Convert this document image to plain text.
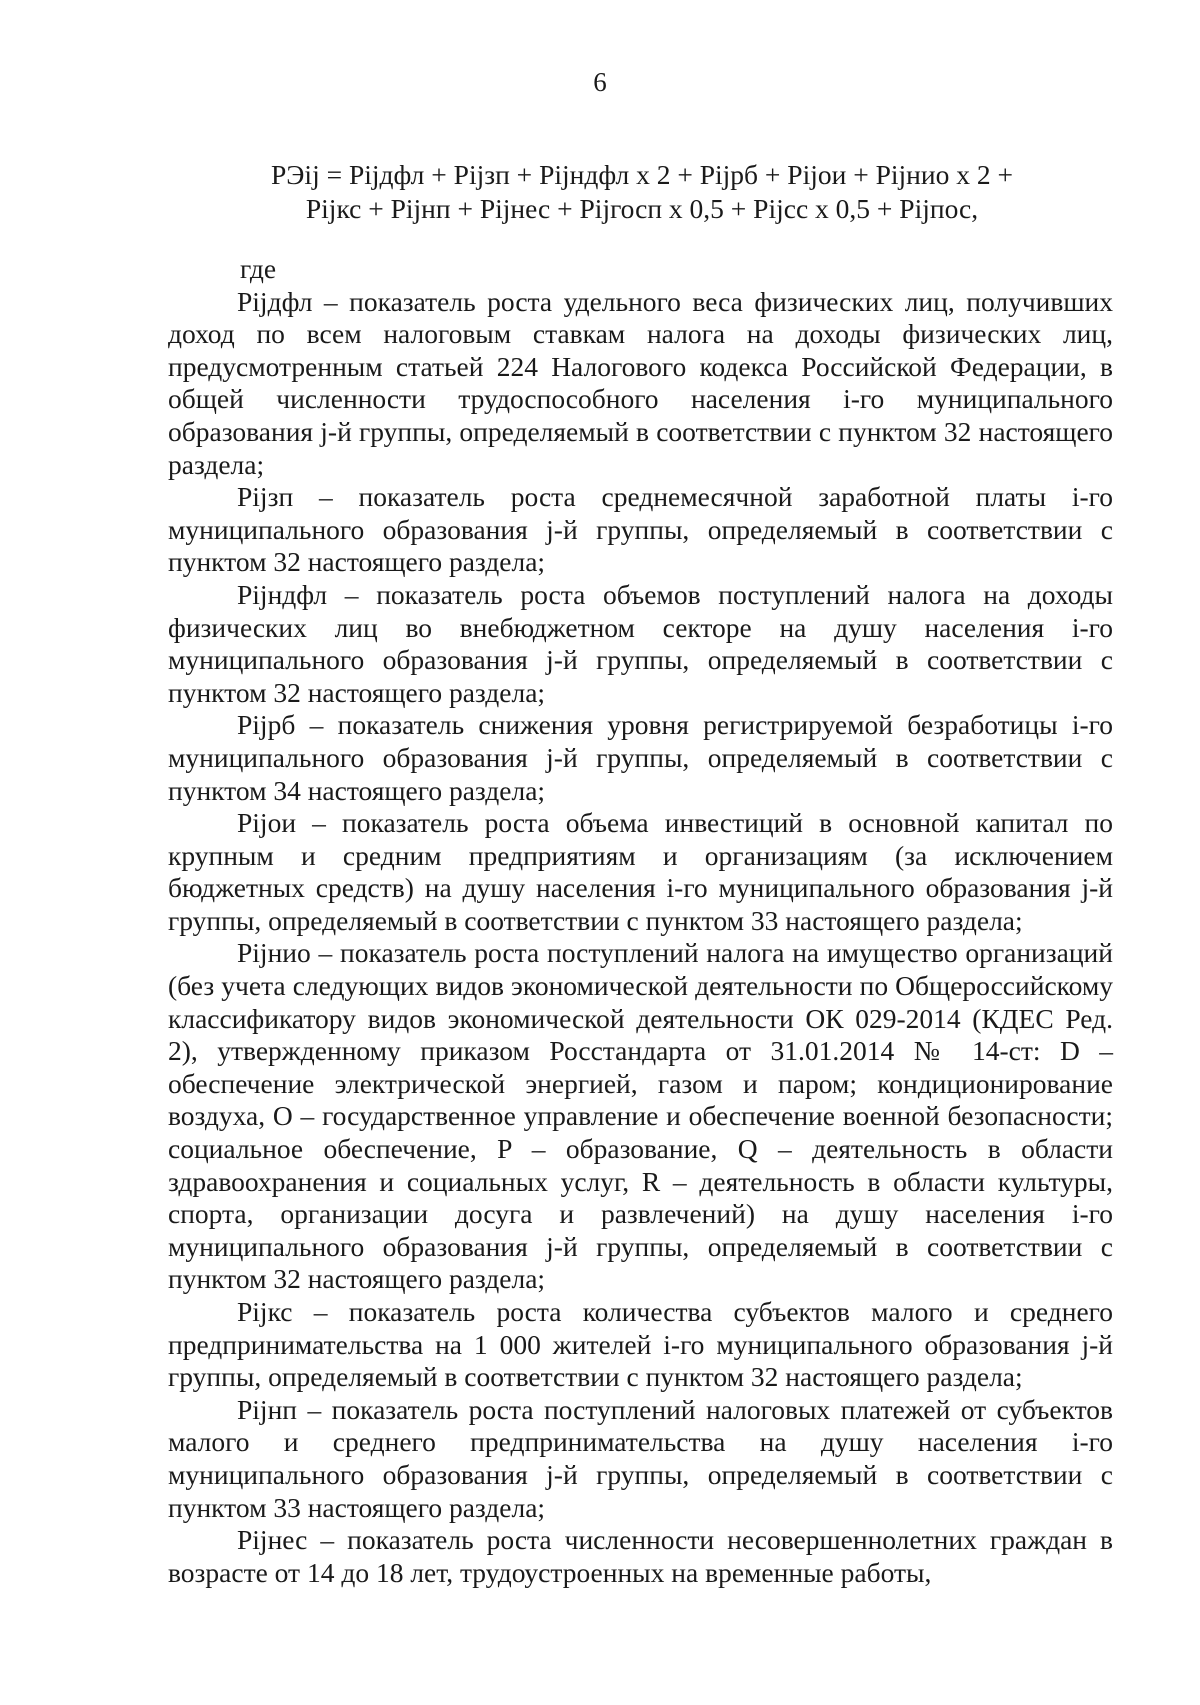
6
РЭij = Рijдфл + Рijзп + Рijндфл х 2 + Рijрб + Рijои + Рijнио х 2 +
Рijкс + Рijнп + Рijнес + Рijгосп х 0,5 + Рijсс х 0,5 + Рijпос,

где

Рijдфл – показатель роста удельного веса физических лиц, получивших доход по всем налоговым ставкам налога на доходы физических лиц, предусмотренным статьей 224 Налогового кодекса Российской Федерации, в общей численности трудоспособного населения i-го муниципального образования j-й группы, определяемый в соответствии с пунктом 32 настоящего раздела;

Рijзп – показатель роста среднемесячной заработной платы i-го муниципального образования j-й группы, определяемый в соответствии с пунктом 32 настоящего раздела;

Рijндфл – показатель роста объемов поступлений налога на доходы физических лиц во внебюджетном секторе на душу населения i-го муниципального образования j-й группы, определяемый в соответствии с пунктом 32 настоящего раздела;

Рijрб – показатель снижения уровня регистрируемой безработицы i-го муниципального образования j-й группы, определяемый в соответствии с пунктом 34 настоящего раздела;

Рijои – показатель роста объема инвестиций в основной капитал по крупным и средним предприятиям и организациям (за исключением бюджетных средств) на душу населения i-го муниципального образования j-й группы, определяемый в соответствии с пунктом 33 настоящего раздела;

Рijнио – показатель роста поступлений налога на имущество организаций (без учета следующих видов экономической деятельности по Общероссийскому классификатору видов экономической деятельности ОК 029-2014 (КДЕС Ред. 2), утвержденному приказом Росстандарта от 31.01.2014 № 14-ст: D – обеспечение электрической энергией, газом и паром; кондиционирование воздуха, O – государственное управление и обеспечение военной безопасности; социальное обеспечение, P – образование, Q – деятельность в области здравоохранения и социальных услуг, R – деятельность в области культуры, спорта, организации досуга и развлечений) на душу населения i-го муниципального образования j-й группы, определяемый в соответствии с пунктом 32 настоящего раздела;

Рijкс – показатель роста количества субъектов малого и среднего предпринимательства на 1 000 жителей i-го муниципального образования j-й группы, определяемый в соответствии с пунктом 32 настоящего раздела;

Рijнп – показатель роста поступлений налоговых платежей от субъектов малого и среднего предпринимательства на душу населения i-го муниципального образования j-й группы, определяемый в соответствии с пунктом 33 настоящего раздела;

Рijнес – показатель роста численности несовершеннолетних граждан в возрасте от 14 до 18 лет, трудоустроенных на временные работы,
